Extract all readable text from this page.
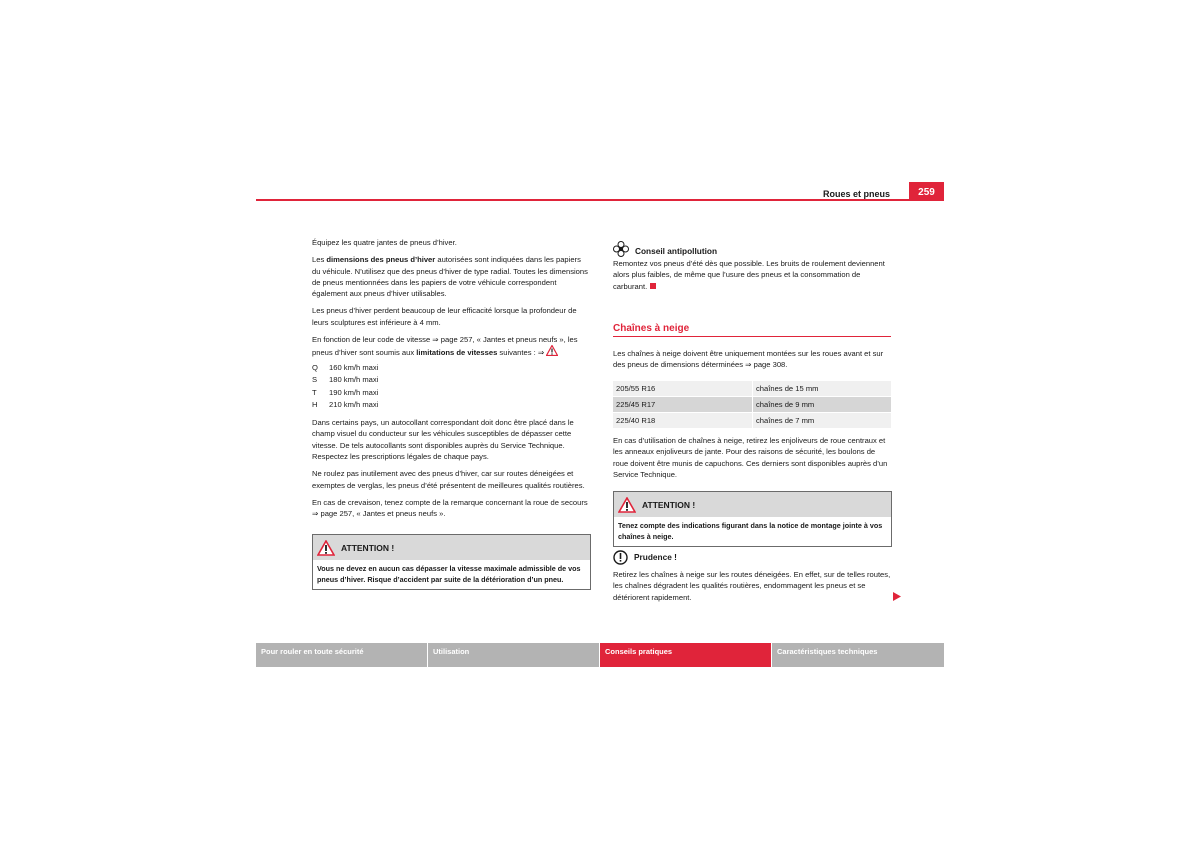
Roues et pneus	259

Équipez les quatre jantes de pneus d’hiver.

Les dimensions des pneus d’hiver autorisées sont indiquées dans les papiers du véhicule. N’utilisez que des pneus d’hiver de type radial. Toutes les dimensions de pneus mentionnées dans les papiers de votre véhicule correspondent également aux pneus d’hiver utilisables.

Les pneus d’hiver perdent beaucoup de leur efficacité lorsque la profondeur de leurs sculptures est inférieure à 4 mm.

En fonction de leur code de vitesse ⇒ page 257, « Jantes et pneus neufs », les pneus d’hiver sont soumis aux limitations de vitesses suivantes : ⇒

Q	160 km/h maxi
S	180 km/h maxi
T	190 km/h maxi
H	210 km/h maxi

Dans certains pays, un autocollant correspondant doit donc être placé dans le champ visuel du conducteur sur les véhicules susceptibles de dépasser cette vitesse. De tels autocollants sont disponibles auprès du Service Technique. Respectez les prescriptions légales de chaque pays.

Ne roulez pas inutilement avec des pneus d’hiver, car sur routes déneigées et exemptes de verglas, les pneus d’été présentent de meilleures qualités routières.

En cas de crevaison, tenez compte de la remarque concernant la roue de secours ⇒ page 257, « Jantes et pneus neufs ».

ATTENTION !
Vous ne devez en aucun cas dépasser la vitesse maximale admissible de vos pneus d’hiver. Risque d’accident par suite de la détérioration d’un pneu.
Conseil antipollution

Remontez vos pneus d’été dès que possible. Les bruits de roulement deviennent alors plus faibles, de même que l’usure des pneus et la consommation de carburant.

Chaînes à neige
Les chaînes à neige doivent être uniquement montées sur les roues avant et sur des pneus de dimensions déterminées ⇒ page 308.
205/55 R16	chaînes de 15 mm
225/45 R17	chaînes de 9 mm
225/40 R18	chaînes de 7 mm
En cas d’utilisation de chaînes à neige, retirez les enjoliveurs de roue centraux et les anneaux enjoliveurs de jante. Pour des raisons de sécurité, les boulons de roue doivent être munis de capuchons. Ces derniers sont disponibles auprès d’un Service Technique.
ATTENTION !
Tenez compte des indications figurant dans la notice de montage jointe à vos chaînes à neige.
Prudence !

Retirez les chaînes à neige sur les routes déneigées. En effet, sur de telles routes, les chaînes dégradent les qualités routières, endommagent les pneus et se détériorent rapidement.

Pour rouler en toute sécurité	Utilisation	Conseils pratiques	Caractéristiques techniques
